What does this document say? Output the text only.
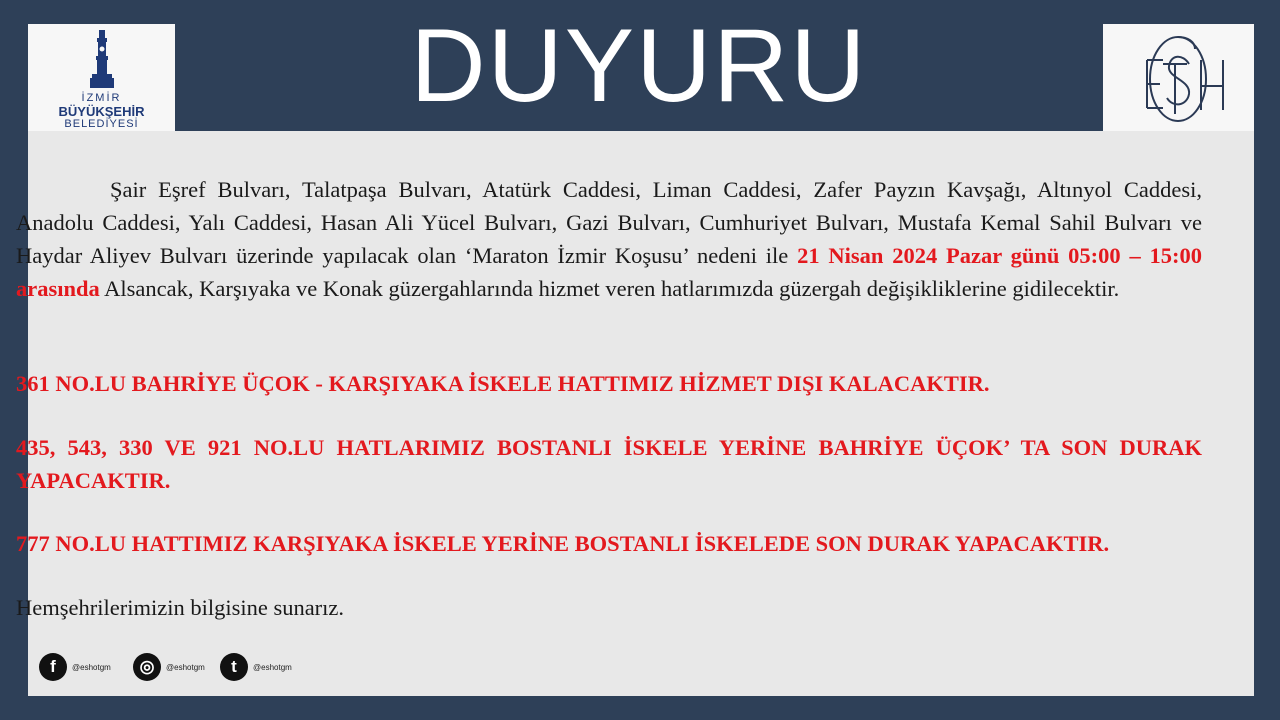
İZMİR
BÜYÜKŞEHİR
BELEDİYESİ
DUYURU
Şair Eşref Bulvarı, Talatpaşa Bulvarı, Atatürk Caddesi, Liman Caddesi, Zafer Payzın Kavşağı, Altınyol Caddesi, Anadolu Caddesi, Yalı Caddesi, Hasan Ali Yücel Bulvarı, Gazi Bulvarı, Cumhuriyet Bulvarı, Mustafa Kemal Sahil Bulvarı ve Haydar Aliyev Bulvarı üzerinde yapılacak olan ‘Maraton İzmir Koşusu’ nedeni ile 21 Nisan 2024 Pazar günü 05:00 – 15:00 arasında Alsancak, Karşıyaka ve Konak güzergahlarında hizmet veren hatlarımızda güzergah değişikliklerine gidilecektir.
361 NO.LU BAHRİYE ÜÇOK - KARŞIYAKA İSKELE HATTIMIZ HİZMET DIŞI KALACAKTIR.
435, 543, 330 VE 921 NO.LU HATLARIMIZ BOSTANLI İSKELE YERİNE BAHRİYE ÜÇOK’ TA SON DURAK YAPACAKTIR.
777 NO.LU HATTIMIZ KARŞIYAKA İSKELE YERİNE BOSTANLI İSKELEDE SON DURAK YAPACAKTIR.
Hemşehrilerimizin bilgisine sunarız.
f	@eshotgm	◎	@eshotgm	t	@eshotgm
